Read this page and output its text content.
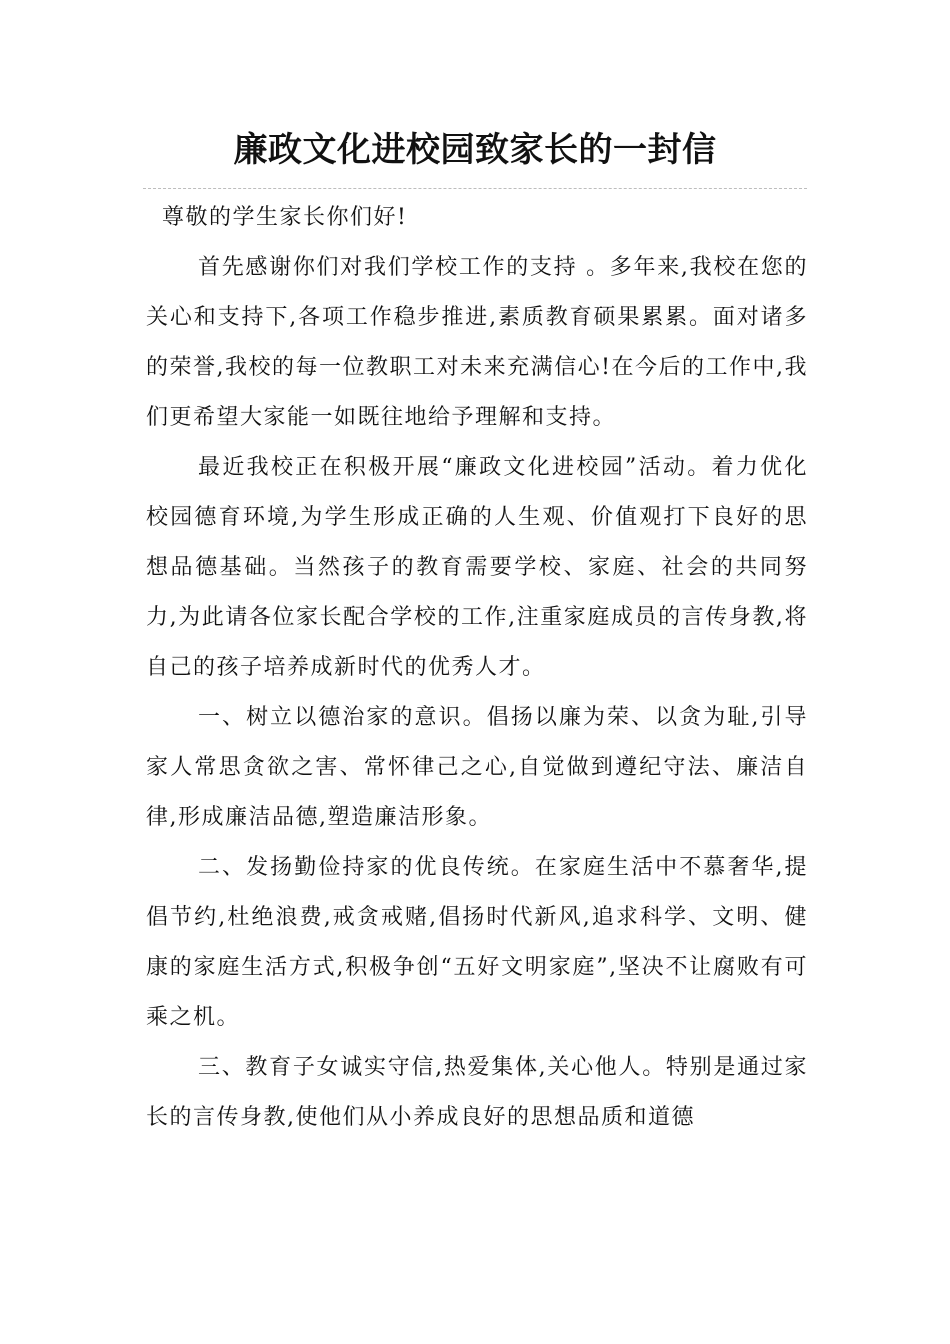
廉政文化进校园致家长的一封信

尊敬的学生家长你们好!

首先感谢你们对我们学校工作的支持 。多年来,我校在您的关心和支持下,各项工作稳步推进,素质教育硕果累累。面对诸多的荣誉,我校的每一位教职工对未来充满信心!在今后的工作中,我们更希望大家能一如既往地给予理解和支持。

最近我校正在积极开展“廉政文化进校园”活动。着力优化校园德育环境,为学生形成正确的人生观、价值观打下良好的思想品德基础。当然孩子的教育需要学校、家庭、社会的共同努力,为此请各位家长配合学校的工作,注重家庭成员的言传身教,将自己的孩子培养成新时代的优秀人才。

一、树立以德治家的意识。倡扬以廉为荣、以贪为耻,引导家人常思贪欲之害、常怀律己之心,自觉做到遵纪守法、廉洁自律,形成廉洁品德,塑造廉洁形象。

二、发扬勤俭持家的优良传统。在家庭生活中不慕奢华,提倡节约,杜绝浪费,戒贪戒赌,倡扬时代新风,追求科学、文明、健康的家庭生活方式,积极争创“五好文明家庭”,坚决不让腐败有可乘之机。

三、教育子女诚实守信,热爱集体,关心他人。特别是通过家长的言传身教,使他们从小养成良好的思想品质和道德
